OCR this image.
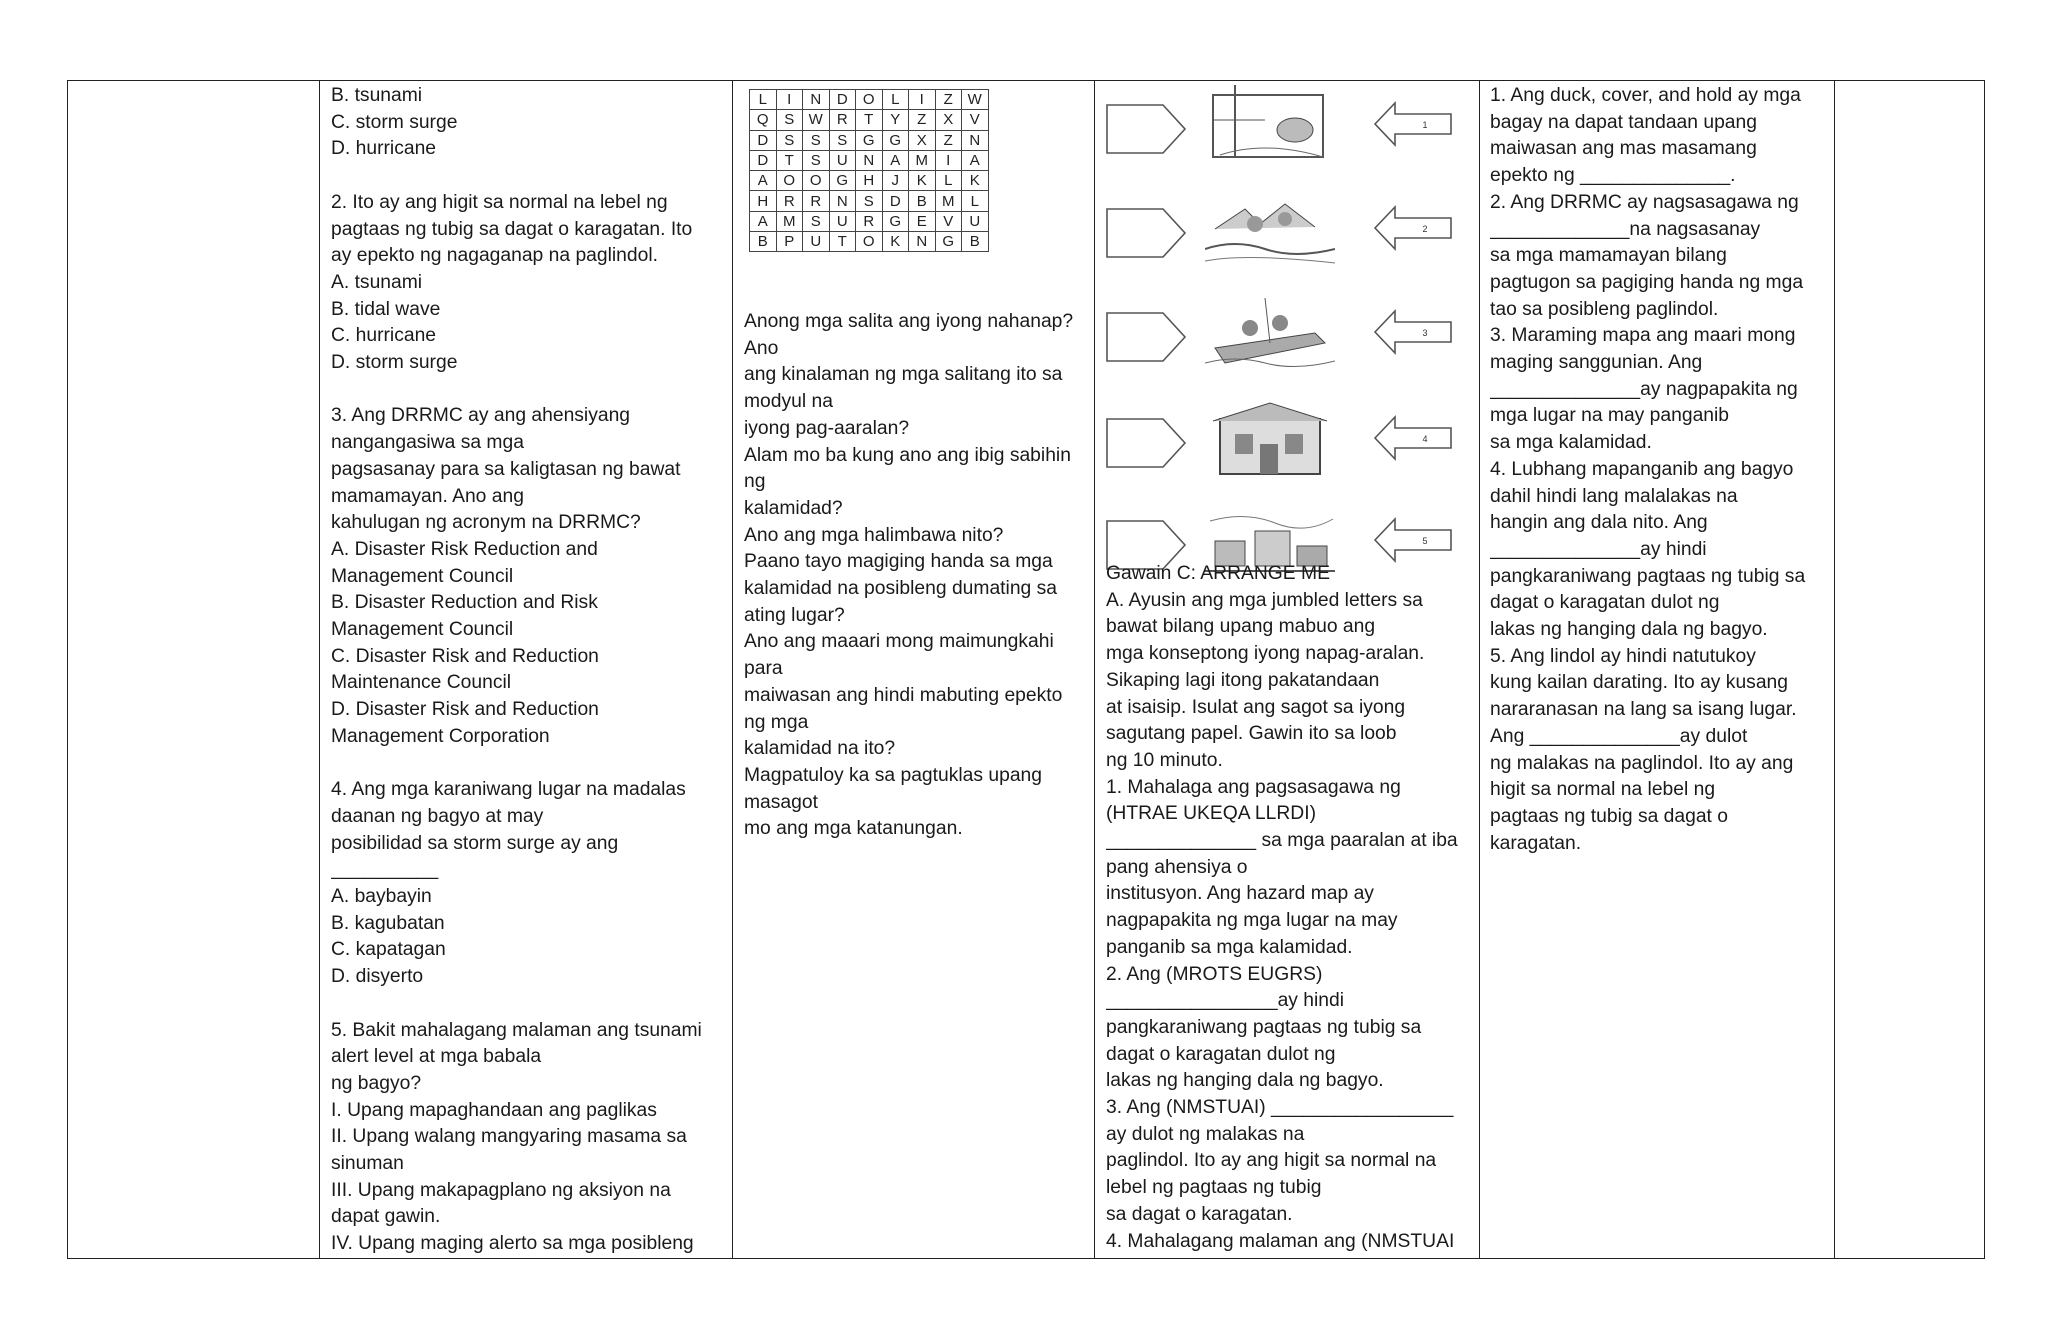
B. tsunami
C. storm surge
D. hurricane
2. Ito ay ang higit sa normal na lebel ng
pagtaas ng tubig sa dagat o karagatan. Ito
ay epekto ng nagaganap na paglindol.
A. tsunami
B. tidal wave
C. hurricane
D. storm surge
3. Ang DRRMC ay ang ahensiyang
nangangasiwa sa mga
pagsasanay para sa kaligtasan ng bawat
mamamayan. Ano ang
kahulugan ng acronym na DRRMC?
A. Disaster Risk Reduction and
Management Council
B. Disaster Reduction and Risk
Management Council
C. Disaster Risk and Reduction
Maintenance Council
D. Disaster Risk and Reduction
Management Corporation
4. Ang mga karaniwang lugar na madalas
daanan ng bagyo at may
posibilidad sa storm surge ay ang
__________
A. baybayin
B. kagubatan
C. kapatagan
D. disyerto
5. Bakit mahalagang malaman ang tsunami
alert level at mga babala
ng bagyo?
I. Upang mapaghandaan ang paglikas
II. Upang walang mangyaring masama sa
sinuman
III. Upang makapagplano ng aksiyon na
dapat gawin.
IV. Upang maging alerto sa mga posibleng
L	I	N	D	O	L	I	Z	W
Q	S	W	R	T	Y	Z	X	V
D	S	S	S	G	G	X	Z	N
D	T	S	U	N	A	M	I	A
A	O	O	G	H	J	K	L	K
H	R	R	N	S	D	B	M	L
A	M	S	U	R	G	E	V	U
B	P	U	T	O	K	N	G	B
Anong mga salita ang iyong nahanap?
Ano
ang kinalaman ng mga salitang ito sa
modyul na
iyong pag-aaralan?
Alam mo ba kung ano ang ibig sabihin
ng
kalamidad?
Ano ang mga halimbawa nito?
Paano tayo magiging handa sa mga
kalamidad na posibleng dumating sa
ating lugar?
Ano ang maaari mong maimungkahi
para
maiwasan ang hindi mabuting epekto
ng mga
kalamidad na ito?
Magpatuloy ka sa pagtuklas upang
masagot
mo ang mga katanungan.
1
2
3
4
5
Gawain C: ARRANGE ME
A. Ayusin ang mga jumbled letters sa
bawat bilang upang mabuo ang
mga konseptong iyong napag-aralan.
Sikaping lagi itong pakatandaan
at isaisip. Isulat ang sagot sa iyong
sagutang papel. Gawin ito sa loob
ng 10 minuto.
1. Mahalaga ang pagsasagawa ng
(HTRAE UKEQA LLRDI)
______________ sa mga paaralan at iba
pang ahensiya o
institusyon. Ang hazard map ay
nagpapakita ng mga lugar na may
panganib sa mga kalamidad.
2. Ang (MROTS EUGRS)
________________ay hindi
pangkaraniwang pagtaas ng tubig sa
dagat o karagatan dulot ng
lakas ng hanging dala ng bagyo.
3. Ang (NMSTUAI) _________________
ay dulot ng malakas na
paglindol. Ito ay ang higit sa normal na
lebel ng pagtaas ng tubig
sa dagat o karagatan.
4. Mahalagang malaman ang (NMSTUAI
1. Ang duck, cover, and hold ay mga
bagay na dapat tandaan upang
maiwasan ang mas masamang
epekto ng ______________.
2. Ang DRRMC ay nagsasagawa ng
_____________na nagsasanay
sa mga mamamayan bilang
pagtugon sa pagiging handa ng mga
tao sa posibleng paglindol.
3. Maraming mapa ang maari mong
maging sanggunian. Ang
______________ay nagpapakita ng
mga lugar na may panganib
sa mga kalamidad.
4. Lubhang mapanganib ang bagyo
dahil hindi lang malalakas na
hangin ang dala nito. Ang
______________ay hindi
pangkaraniwang pagtaas ng tubig sa
dagat o karagatan dulot ng
lakas ng hanging dala ng bagyo.
5. Ang lindol ay hindi natutukoy
kung kailan darating. Ito ay kusang
nararanasan na lang sa isang lugar.
Ang ______________ay dulot
ng malakas na paglindol. Ito ay ang
higit sa normal na lebel ng
pagtaas ng tubig sa dagat o
karagatan.
